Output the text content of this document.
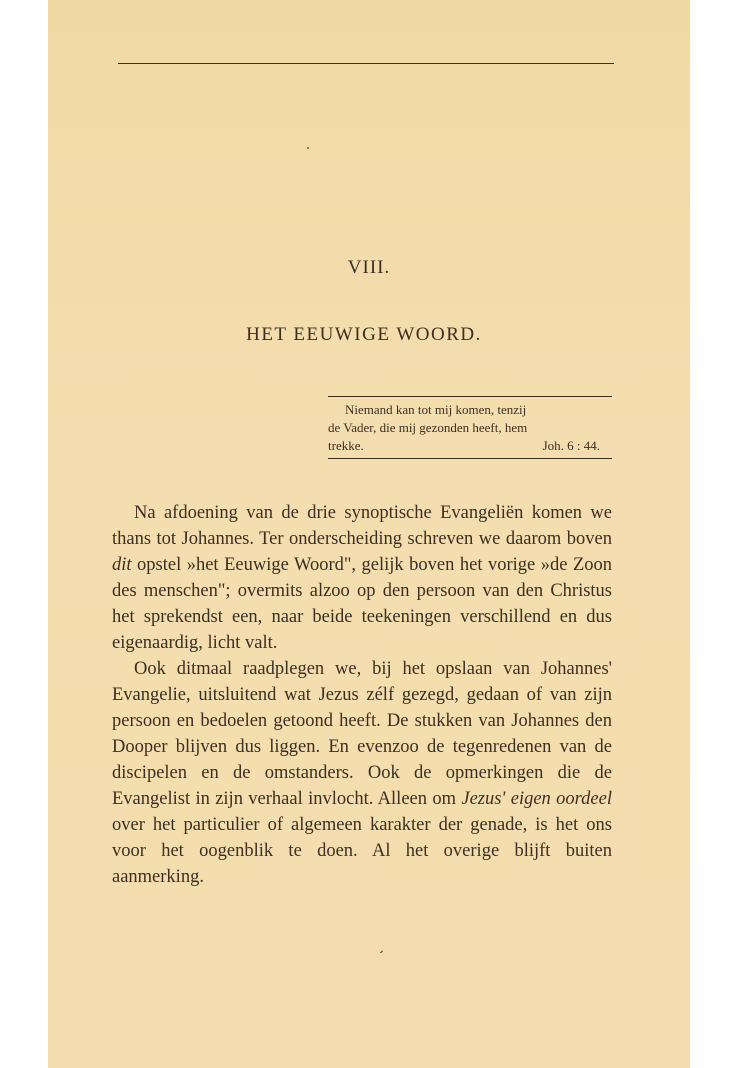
VIII.
HET EEUWIGE WOORD.
Niemand kan tot mij komen, tenzij
de Vader, die mij gezonden heeft, hem
trekke.	Joh. 6 : 44.

Na afdoening van de drie synoptische Evangeliën komen we thans tot Johannes. Ter onderscheiding schreven we daarom boven dit opstel »het Eeuwige Woord", gelijk boven het vorige »de Zoon des menschen"; overmits alzoo op den persoon van den Christus het sprekendst een, naar beide teekeningen verschillend en dus eigenaardig, licht valt.

Ook ditmaal raadplegen we, bij het opslaan van Johannes' Evangelie, uitsluitend wat Jezus zélf gezegd, gedaan of van zijn persoon en bedoelen getoond heeft. De stukken van Johannes den Dooper blijven dus liggen. En evenzoo de tegenredenen van de discipelen en de omstanders. Ook de opmerkingen die de Evangelist in zijn verhaal invlocht. Alleen om Jezus' eigen oordeel over het particulier of algemeen karakter der genade, is het ons voor het oogenblik te doen. Al het overige blijft buiten aanmerking.

ʼ
